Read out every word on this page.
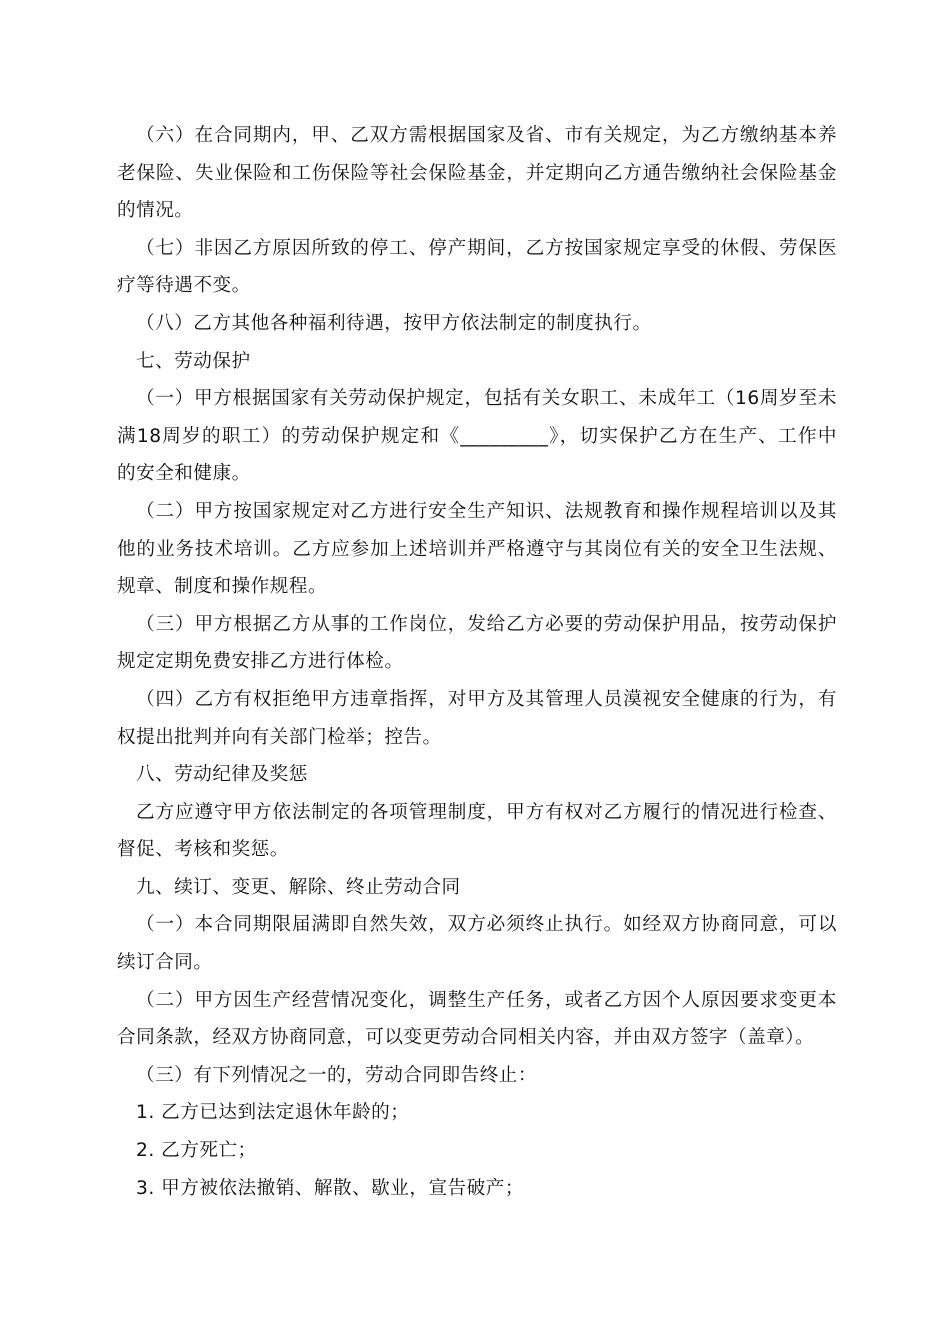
（六）在合同期内，甲、乙双方需根据国家及省、市有关规定，为乙方缴纳基本养
老保险、失业保险和工伤保险等社会保险基金，并定期向乙方通告缴纳社会保险基金
的情况。
（七）非因乙方原因所致的停工、停产期间，乙方按国家规定享受的休假、劳保医
疗等待遇不变。
（八）乙方其他各种福利待遇，按甲方依法制定的制度执行。
七、劳动保护
（一）甲方根据国家有关劳动保护规定，包括有关女职工、未成年工（16周岁至未
满18周岁的职工）的劳动保护规定和《_________》，切实保护乙方在生产、工作中
的安全和健康。
（二）甲方按国家规定对乙方进行安全生产知识、法规教育和操作规程培训以及其
他的业务技术培训。乙方应参加上述培训并严格遵守与其岗位有关的安全卫生法规、
规章、制度和操作规程。
（三）甲方根据乙方从事的工作岗位，发给乙方必要的劳动保护用品，按劳动保护
规定定期免费安排乙方进行体检。
（四）乙方有权拒绝甲方违章指挥，对甲方及其管理人员漠视安全健康的行为，有
权提出批判并向有关部门检举；控告。
八、劳动纪律及奖惩
乙方应遵守甲方依法制定的各项管理制度，甲方有权对乙方履行的情况进行检查、
督促、考核和奖惩。
九、续订、变更、解除、终止劳动合同
（一）本合同期限届满即自然失效，双方必须终止执行。如经双方协商同意，可以
续订合同。
（二）甲方因生产经营情况变化，调整生产任务，或者乙方因个人原因要求变更本
合同条款，经双方协商同意，可以变更劳动合同相关内容，并由双方签字（盖章）。
（三）有下列情况之一的，劳动合同即告终止：
1. 乙方已达到法定退休年龄的；
2. 乙方死亡；
3. 甲方被依法撤销、解散、歇业，宣告破产；
